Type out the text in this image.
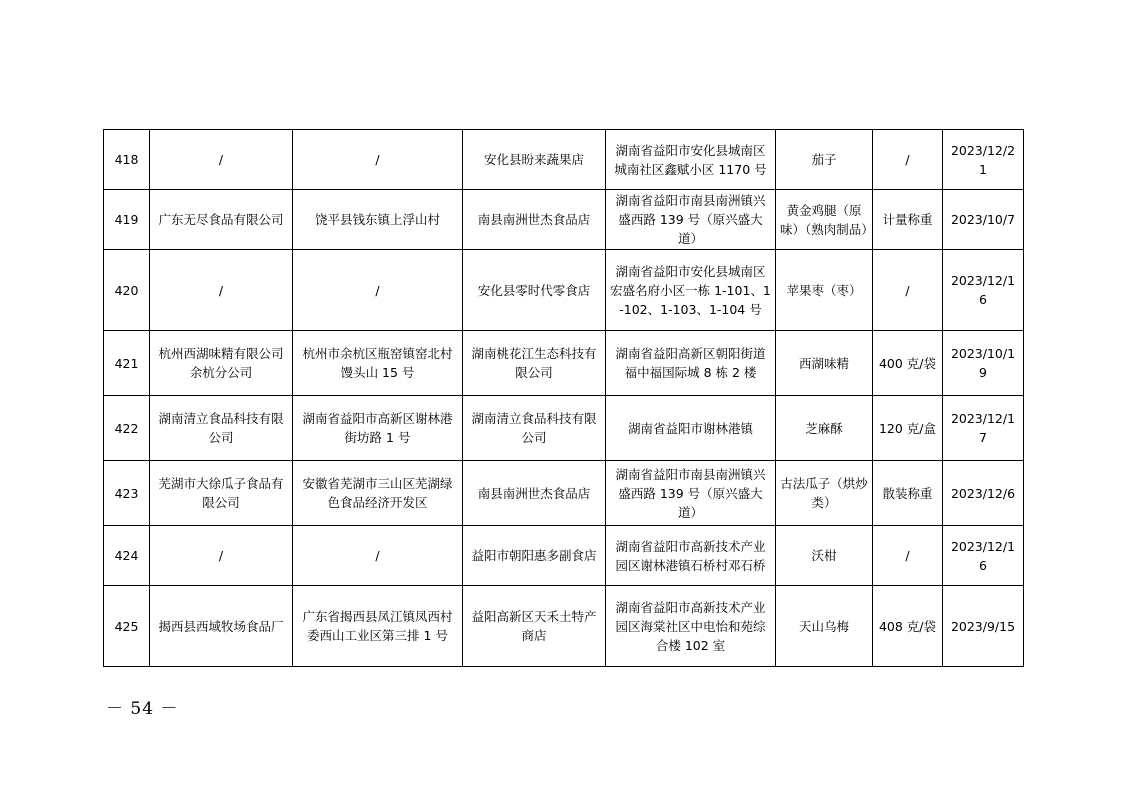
418	/	/	安化县盼来蔬果店	湖南省益阳市安化县城南区城南社区鑫赋小区 1170 号	茄子	/	2023/12/21
419	广东无尽食品有限公司	饶平县钱东镇上浮山村	南县南洲世杰食品店	湖南省益阳市南县南洲镇兴盛西路 139 号（原兴盛大道）	黄金鸡腿（原味）（熟肉制品）	计量称重	2023/10/7
420	/	/	安化县零时代零食店	湖南省益阳市安化县城南区宏盛名府小区一栋 1-101、1-102、1-103、1-104 号	苹果枣（枣）	/	2023/12/16
421	杭州西湖味精有限公司余杭分公司	杭州市余杭区瓶窑镇窑北村馒头山 15 号	湖南桃花江生态科技有限公司	湖南省益阳高新区朝阳街道福中福国际城 8 栋 2 楼	西湖味精	400 克/袋	2023/10/19
422	湖南清立食品科技有限公司	湖南省益阳市高新区谢林港街坊路 1 号	湖南清立食品科技有限公司	湖南省益阳市谢林港镇	芝麻酥	120 克/盒	2023/12/17
423	芜湖市大徐瓜子食品有限公司	安徽省芜湖市三山区芜湖绿色食品经济开发区	南县南洲世杰食品店	湖南省益阳市南县南洲镇兴盛西路 139 号（原兴盛大道）	古法瓜子（烘炒类）	散装称重	2023/12/6
424	/	/	益阳市朝阳惠多副食店	湖南省益阳市高新技术产业园区谢林港镇石桥村邓石桥	沃柑	/	2023/12/16
425	揭西县西域牧场食品厂	广东省揭西县凤江镇凤西村委西山工业区第三排 1 号	益阳高新区天禾土特产商店	湖南省益阳市高新技术产业园区海棠社区中电怡和苑综合楼 102 室	天山乌梅	408 克/袋	2023/9/15
－ 54 －
